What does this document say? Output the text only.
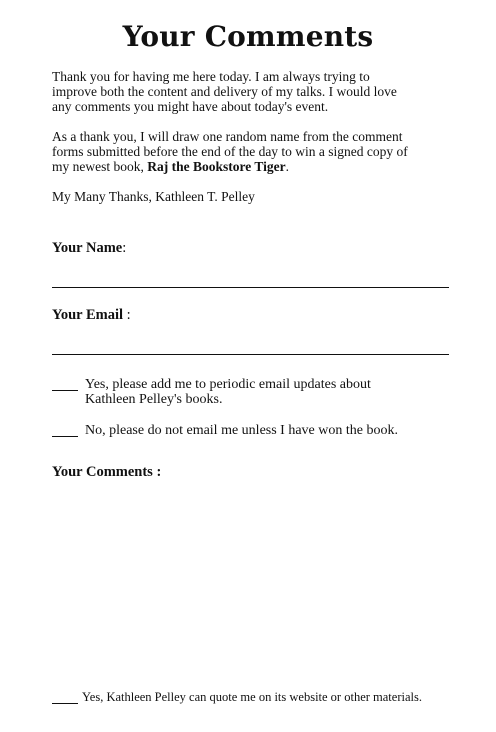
Your Comments
Thank you for having me here today. I am always trying to
improve both the content and delivery of my talks. I would love
any comments you might have about today's event.
As a thank you, I will draw one random name from the comment
forms submitted before the end of the day to win a signed copy of
my newest book, Raj the Bookstore Tiger.
My Many Thanks, Kathleen T. Pelley
Your Name:
Your Email :
Yes, please add me to periodic email updates about
Kathleen Pelley's books.
No, please do not email me unless I have won the book.
Your Comments :
Yes, Kathleen Pelley can quote me on its website or other materials.
